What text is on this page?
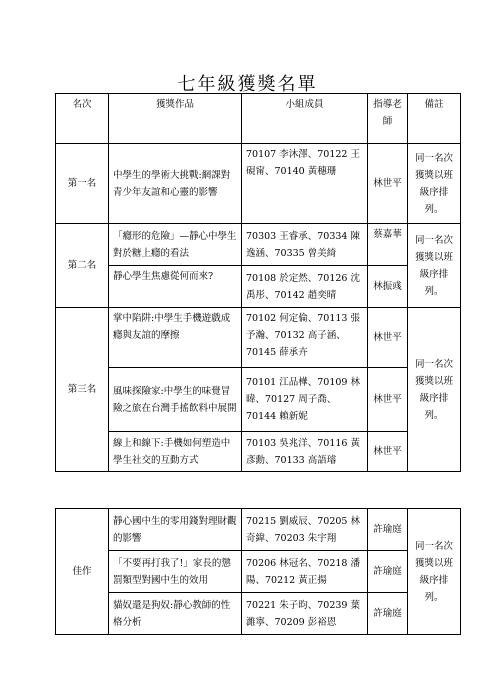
七年級獲獎名單
名次	獲獎作品	小組成員	指導老師	備註
第一名	中學生的學術大挑戰:網課對青少年友誼和心靈的影響	70107 李沐澤、70122 王硯甯、70140 黃穗珊	林世平	同一名次獲獎以班級序排列。
第二名	「癮形的危險」—靜心中學生對於糖上癮的看法	70303 王睿承、70334 陳逸涵、70335 曾美綺	蔡嘉華	同一名次獲獎以班級序排列。
	靜心學生焦慮從何而來?	70108 於定然、70126 沈禹彤、70142 趙奕晴	林振彧	
第三名	掌中陷阱:中學生手機遊戲成癮與友誼的摩擦	70102 何定倫、70113 張予瀚、70132 高子涵、70145 薛承卉	林世平	同一名次獲獎以班級序排列。
	風味探險家:中學生的味覺冒險之旅在台灣手搖飲料中展開	70101 江品樺、70109 林暐、70127 周子喬、70144 賴新妮	林世平	
	線上和線下:手機如何塑造中學生社交的互動方式	70103 吳兆洋、70116 黃彥勳、70133 高語璿	林世平	
佳作	靜心國中生的零用錢對理財觀的影響	70215 劉威辰、70205 林奇緯、70203 朱宇翔	許瑜庭	同一名次獲獎以班級序排列。
	「不要再打我了!」家長的懲罰類型對國中生的效用	70206 林冠名、70218 潘陽、70212 黃正揚	許瑜庭	
	貓奴還是狗奴:靜心教師的性格分析	70221 朱子昀、70239 葉濰寧、70209 彭裕恩	許瑜庭	
